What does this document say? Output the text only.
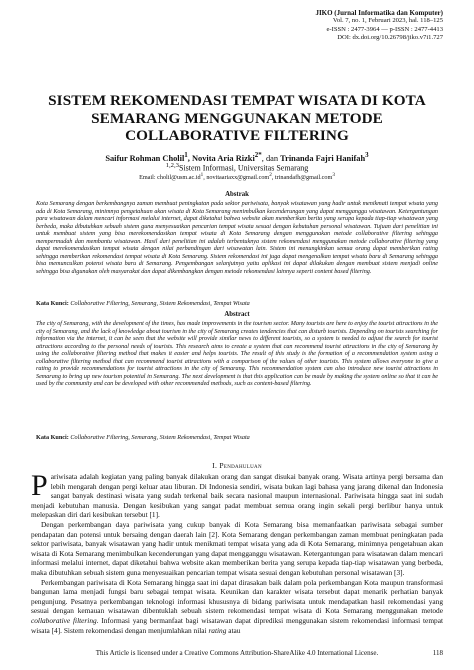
JIKO (Jurnal Informatika dan Komputer)
Vol. 7, no. 1, Februari 2023, hal. 118–125
e-ISSN : 2477-3964 — p-ISSN : 2477-4413
DOI: dx.doi.org/10.26798/jiko.v7i1.727
SISTEM REKOMENDASI TEMPAT WISATA DI KOTA SEMARANG MENGGUNAKAN METODE COLLABORATIVE FILTERING
Saifur Rohman Cholil$^1$, Novita Aria Rizki$^{2*}$, dan Trinanda Fajri Hanifah$^3$
$^{1,2,3}$Sistem Informasi, Universitas Semarang
Email: $cholil@usm.ac.id^1$, novitaariaxx@gmail.com$^2$, trinandafh@gmail.com$^3$
Abstrak
Kota Semarang dengan berkembangnya zaman membuat peningkatan pada sektor pariwisata, banyak wisatawan yang hadir untuk menikmati tempat wisata yang ada di Kota Semarang, minimnya pengetahuan akan wisata di Kota Semarang menimbulkan kecenderungan yang dapat mengganggu wisatawan. Ketergantungan para wisatawan dalam mencari informasi melalui internet, dapat diketahui bahwa website akan memberikan berita yang serupa kepada tiap-tiap wisatawan yang berbeda, maka dibutuhkan sebuah sistem guna menyesuaikan pencarian tempat wisata sesuai dengan kebutuhan personal wisatawan. Tujuan dari penelitian ini untuk membuat sistem yang bisa merekomendasikan tempat wisata di Kota Semarang dengan menggunakan metode collaborative filtering sehingga mempermudah dan membantu wisatawan. Hasil dari penelitian ini adalah terbentuknya sistem rekomendasi menggunakan metode collaborative filtering yang dapat merekomendasikan tempat wisata dengan nilai perbandingan dari wisawatan lain. Sistem ini menungkinkan semua orang dapat memberikan rating sehingga memberikan rekomendasi tempat wisata di Kota Semarang. Sistem rekomendasi ini juga dapat mengenalkan tempat wisata baru di Semarang sehingga bisa memunculkan potensi wisata baru di Semarang. Pengembangan selanjutnya yaitu aplikasi ini dapat dilakukan dengan membuat sistem menjadi online sehingga bisa digunakan oleh masyarakat dan dapat dikembangkan dengan metode rekomendasi lainnya seperti content based filtering.
Kata Kunci: Collaborative Filtering, Semarang, Sistem Rekomendasi, Tempat Wisata
Abstract
The city of Semarang, with the development of the times, has made improvements in the tourism sector. Many tourists are here to enjoy the tourist attractions in the city of Semarang, and the lack of knowledge about tourism in the city of Semarang creates tendencies that can disturb tourists. Depending on tourists searching for information via the internet, it can be seen that the website will provide similar news to different tourists, so a system is needed to adjust the search for tourist attractions according to the personal needs of tourists. This research aims to create a system that can recommend tourist attractions in the city of Semarang by using the collaborative filtering method that makes it easier and helps tourists. The result of this study is the formation of a recommendation system using a collaborative filtering method that can recommend tourist attractions with a comparison of the values of other tourists. This system allows everyone to give a rating to provide recommendations for tourist attractions in the city of Semarang. This recommendation system can also introduce new tourist attractions in Semarang to bring up new tourism potential in Semarang. The next development is that this application can be made by making the system online so that it can be used by the community and can be developed with other recommended methods, such as content-based filtering.
Kata Kunci: Collaborative Filtering, Semarang, Sistem Rekomendasi, Tempat Wisata
I. Pendahuluan

Pariwisata adalah kegiatan yang paling banyak dilakukan orang dan sangat disukai banyak orang. Wisata artinya pergi bersama dan lebih mengarah dengan pergi keluar atau liburan. Di Indonesia sendiri, wisata bukan lagi bahasa yang jarang dikenal dan Indonesia sangat banyak destinasi wisata yang sudah terkenal baik secara nasional maupun internasional. Pariwisata hingga saat ini sudah menjadi kebutuhan manusia. Dengan kesibukan yang sangat padat membuat semua orang ingin sekali pergi berlibur hanya untuk melepaskan diri dari kesibukan tersebut [1].

Dengan perkembangan daya pariwisata yang cukup banyak di Kota Semarang bisa memanfaatkan pariwisata sebagai sumber pendapatan dan potensi untuk bersaing dengan daerah lain [2]. Kota Semarang dengan perkembangan zaman membuat peningkatan pada sektor pariwisata, banyak wisatawan yang hadir untuk menikmati tempat wisata yang ada di Kota Semarang, minimnya pengetahuan akan wisata di Kota Semarang menimbulkan kecenderungan yang dapat mengganggu wisatawan. Ketergantungan para wisatawan dalam mencari informasi melalui internet, dapat diketahui bahwa website akan memberikan berita yang serupa kepada tiap-tiap wisatawan yang berbeda, maka dibutuhkan sebuah sistem guna menyesuaikan pencarian tempat wisata sesuai dengan kebutuhan personal wisatawan [3].

Perkembangan pariwisata di Kota Semarang hingga saat ini dapat dirasakan baik dalam pola perkembangan Kota maupun transformasi bangunan lama menjadi fungsi baru sebagai tempat wisata. Keunikan dan karakter wisata tersebut dapat menarik perhatian banyak pengunjung. Pesatnya perkembangan teknologi informasi khususnya di bidang pariwisata untuk mendapatkan hasil rekomendasi yang sesuai dengan kemauan wisatawan dibentuklah sebuah sistem rekomendasi tempat wisata di Kota Semarang menggunakan metode collaborative filtering. Informasi yang bermanfaat bagi wisatawan dapat diprediksi menggunakan sistem rekomendasi informasi tempat wisata [4]. Sistem rekomendasi dengan menjumlahkan nilai rating atau

This Article is licensed under a Creative Commons Attribution-ShareAlike 4.0 International License.	118
